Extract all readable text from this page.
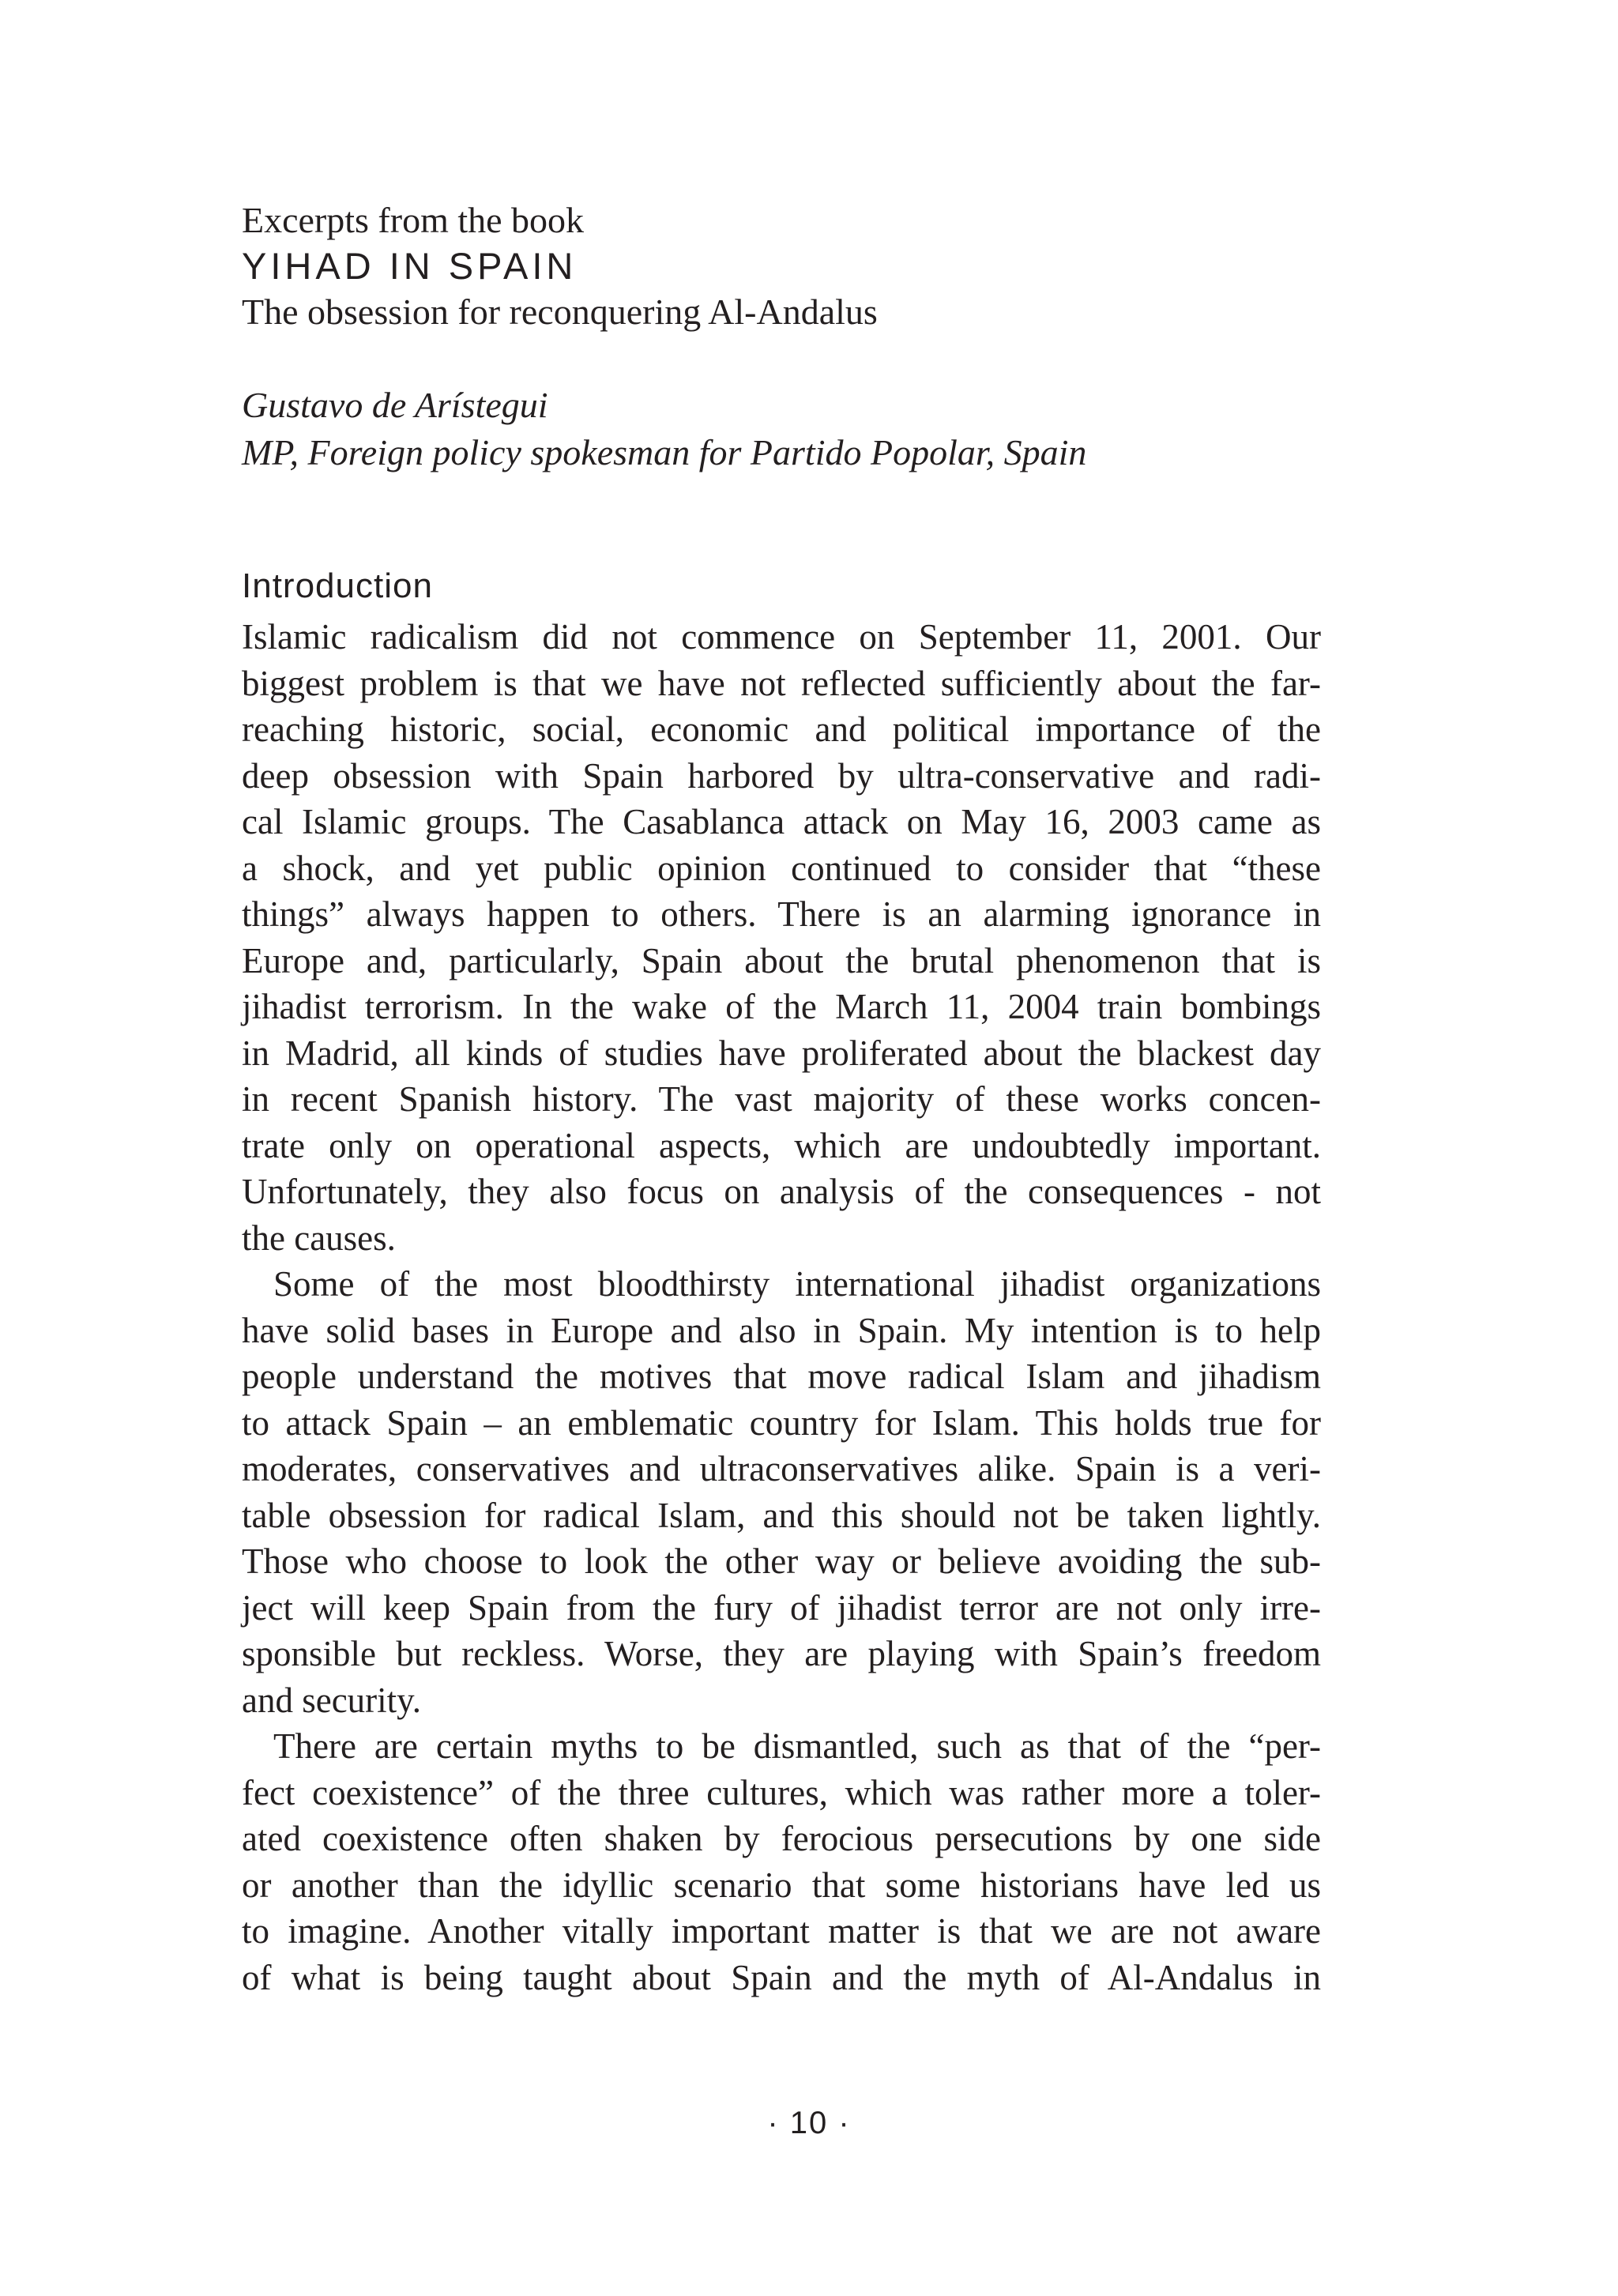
Excerpts from the book
YIHAD IN SPAIN
The obsession for reconquering Al-Andalus
Gustavo de Arístegui
MP, Foreign policy spokesman for Partido Popolar, Spain
Introduction
Islamic radicalism did not commence on September 11, 2001. Our
biggest problem is that we have not reflected sufficiently about the far-
reaching historic, social, economic and political importance of the
deep obsession with Spain harbored by ultra-conservative and radi-
cal Islamic groups. The Casablanca attack on May 16, 2003 came as
a shock, and yet public opinion continued to consider that “these
things” always happen to others. There is an alarming ignorance in
Europe and, particularly, Spain about the brutal phenomenon that is
jihadist terrorism. In the wake of the March 11, 2004 train bombings
in Madrid, all kinds of studies have proliferated about the blackest day
in recent Spanish history. The vast majority of these works concen-
trate only on operational aspects, which are undoubtedly important.
Unfortunately, they also focus on analysis of the consequences - not
the causes.
Some of the most bloodthirsty international jihadist organizations
have solid bases in Europe and also in Spain. My intention is to help
people understand the motives that move radical Islam and jihadism
to attack Spain – an emblematic country for Islam. This holds true for
moderates, conservatives and ultraconservatives alike. Spain is a veri-
table obsession for radical Islam, and this should not be taken lightly.
Those who choose to look the other way or believe avoiding the sub-
ject will keep Spain from the fury of jihadist terror are not only irre-
sponsible but reckless. Worse, they are playing with Spain’s freedom
and security.
There are certain myths to be dismantled, such as that of the “per-
fect coexistence” of the three cultures, which was rather more a toler-
ated coexistence often shaken by ferocious persecutions by one side
or another than the idyllic scenario that some historians have led us
to imagine. Another vitally important matter is that we are not aware
of what is being taught about Spain and the myth of Al-Andalus in
· 10 ·
